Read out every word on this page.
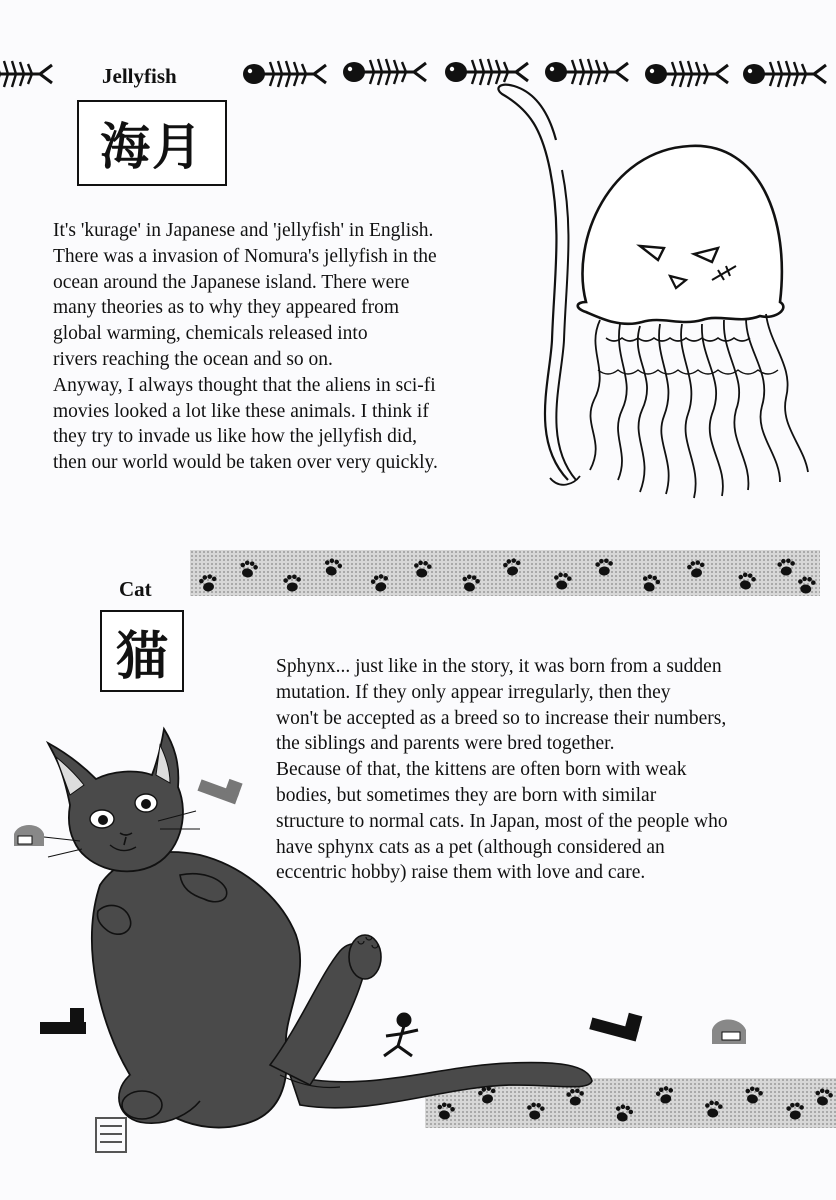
Jellyfish
海月
It's 'kurage' in Japanese and 'jellyfish' in English.
There was a invasion of Nomura's jellyfish in the
ocean around the Japanese island. There were
many theories as to why they appeared from
global warming, chemicals released into
rivers reaching the ocean and so on.
Anyway, I always thought that the aliens in sci-fi
movies looked a lot like these animals. I think if
they try to invade us like how the jellyfish did,
then our world would be taken over very quickly.
Cat
猫	Sphynx... just like in the story, it was born from a sudden
mutation. If they only appear irregularly, then they
won't be accepted as a breed so to increase their numbers,
the siblings and parents were bred together.
Because of that, the kittens are often born with weak
bodies, but sometimes they are born with similar
structure to normal cats. In Japan, most of the people who
have sphynx cats as a pet (although considered an
eccentric hobby) raise them with love and care.
